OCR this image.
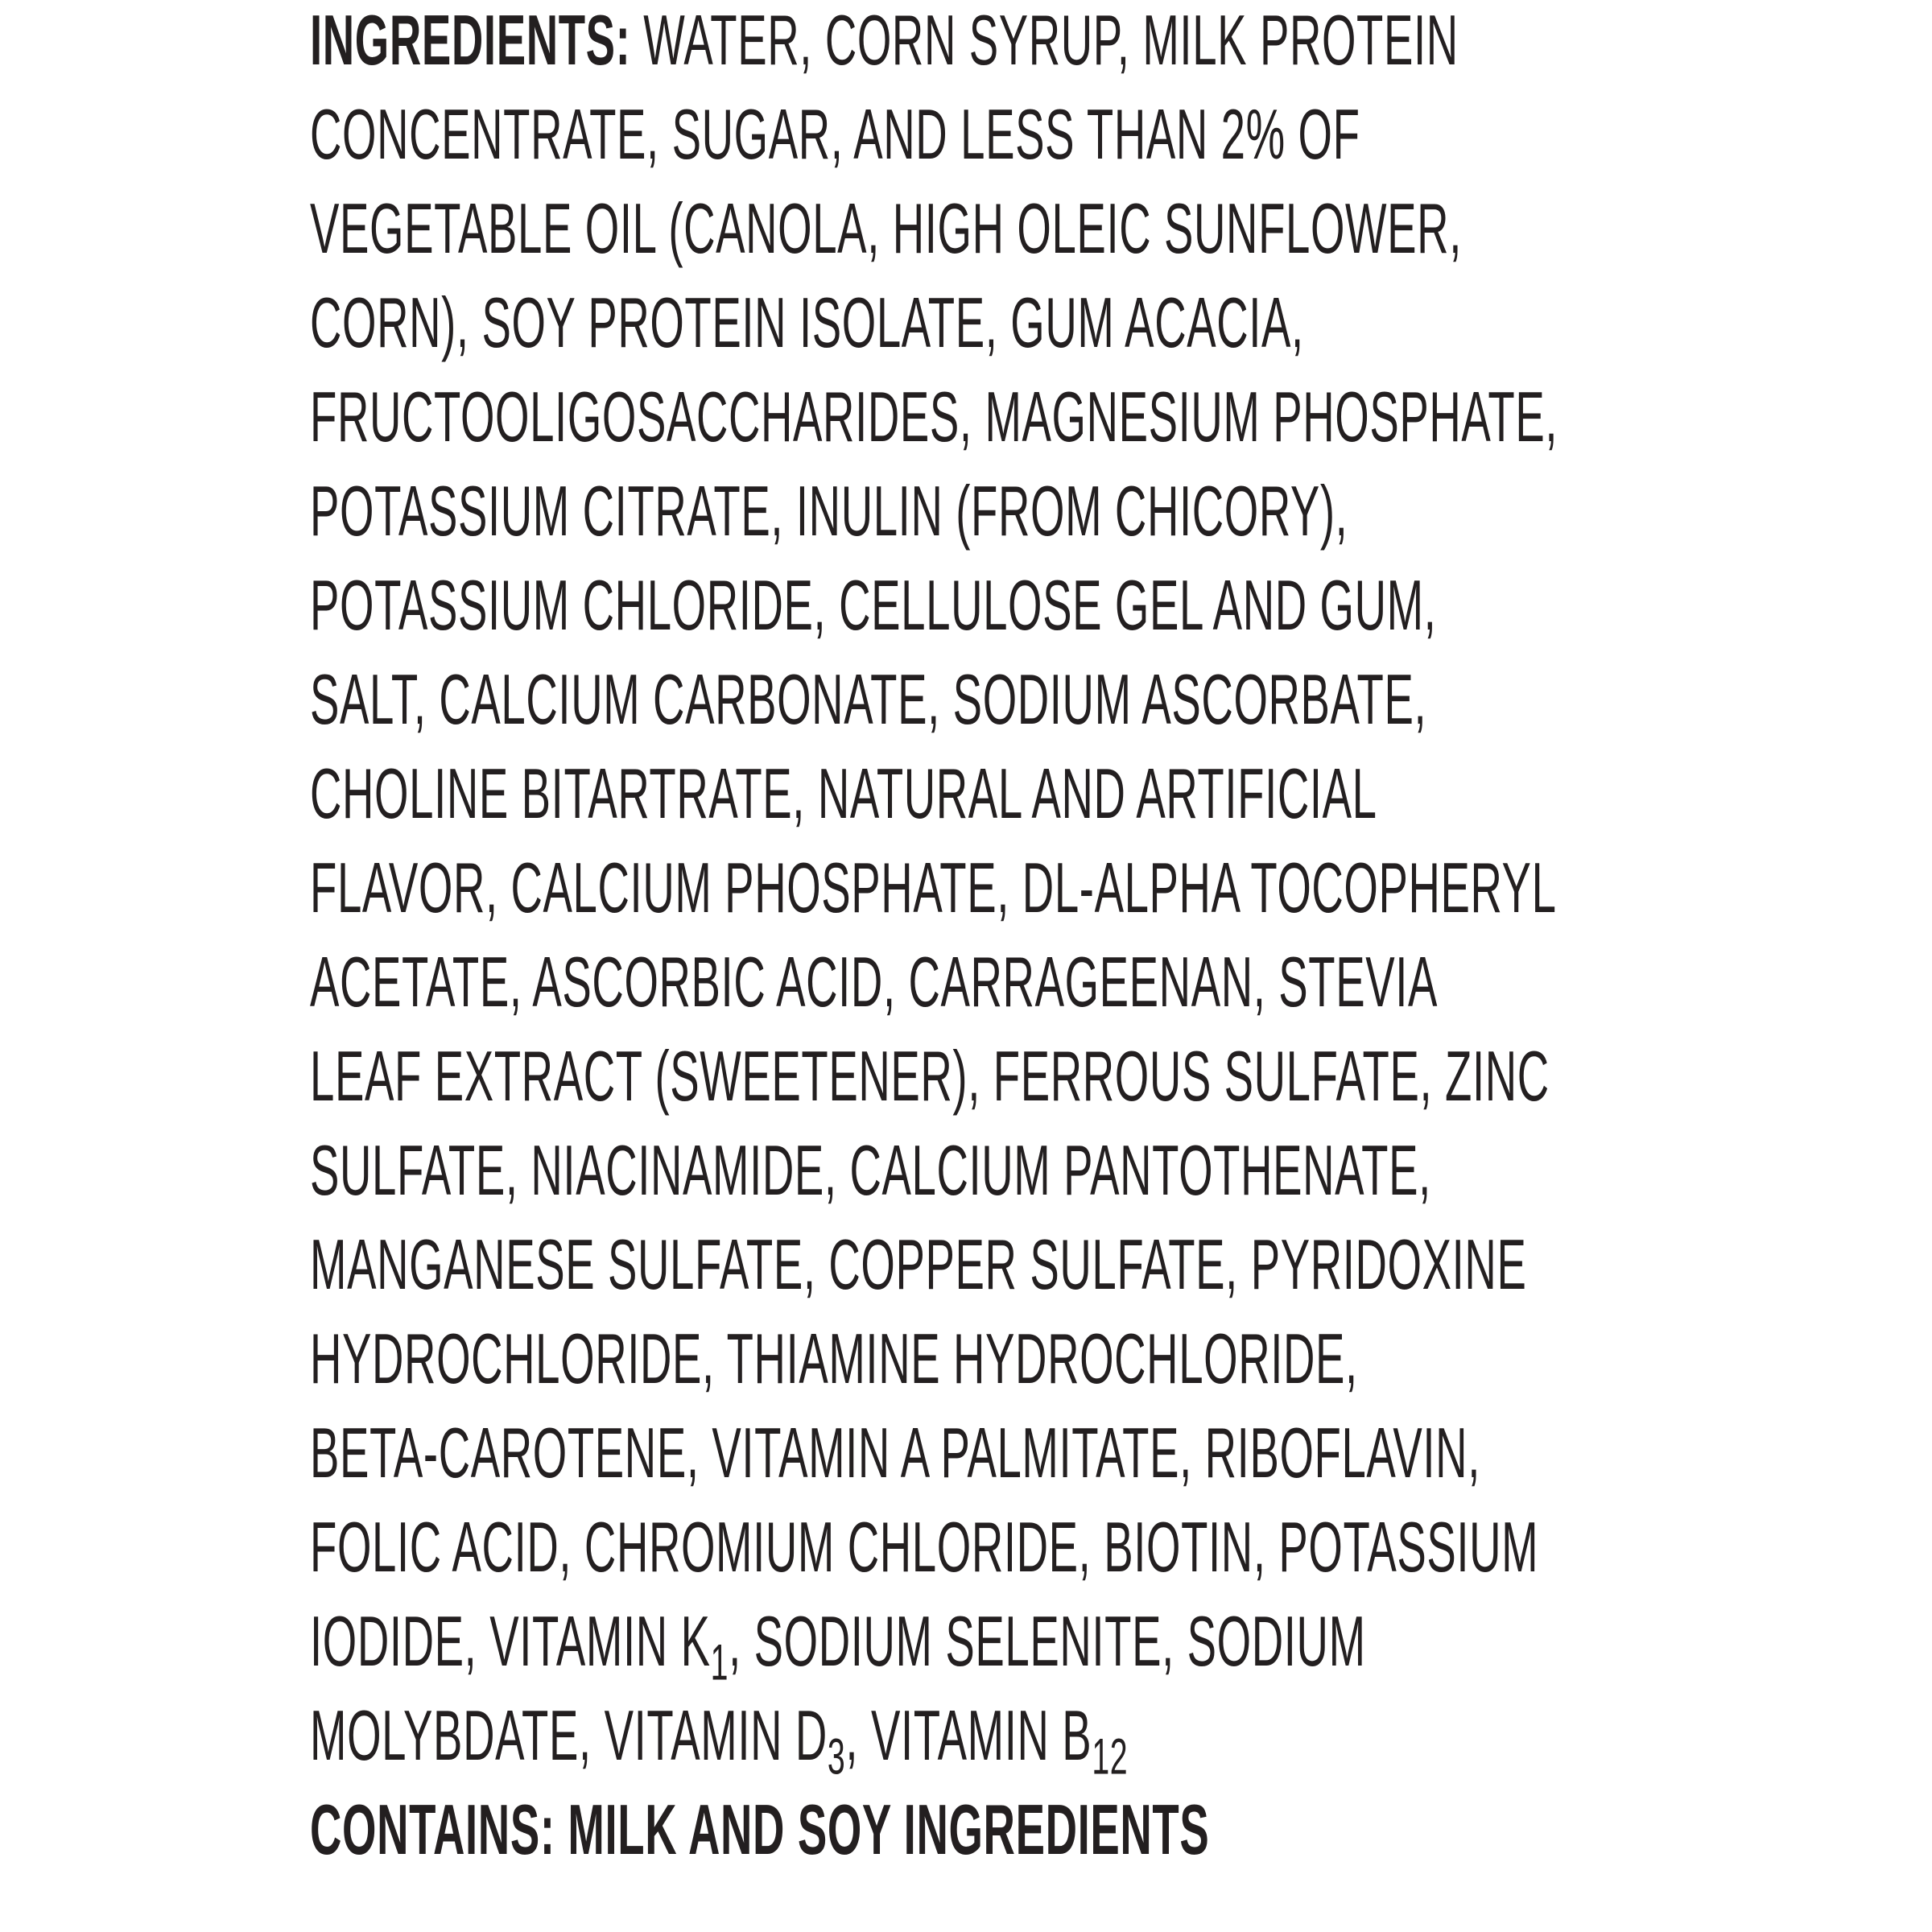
INGREDIENTS: WATER, CORN SYRUP, MILK PROTEIN
CONCENTRATE, SUGAR, AND LESS THAN 2% OF
VEGETABLE OIL (CANOLA, HIGH OLEIC SUNFLOWER,
CORN), SOY PROTEIN ISOLATE, GUM ACACIA,
FRUCTOOLIGOSACCHARIDES, MAGNESIUM PHOSPHATE,
POTASSIUM CITRATE, INULIN (FROM CHICORY),
POTASSIUM CHLORIDE, CELLULOSE GEL AND GUM,
SALT, CALCIUM CARBONATE, SODIUM ASCORBATE,
CHOLINE BITARTRATE, NATURAL AND ARTIFICIAL
FLAVOR, CALCIUM PHOSPHATE, DL-ALPHA TOCOPHERYL
ACETATE, ASCORBIC ACID, CARRAGEENAN, STEVIA
LEAF EXTRACT (SWEETENER), FERROUS SULFATE, ZINC
SULFATE, NIACINAMIDE, CALCIUM PANTOTHENATE,
MANGANESE SULFATE, COPPER SULFATE, PYRIDOXINE
HYDROCHLORIDE, THIAMINE HYDROCHLORIDE,
BETA-CAROTENE, VITAMIN A PALMITATE, RIBOFLAVIN,
FOLIC ACID, CHROMIUM CHLORIDE, BIOTIN, POTASSIUM
IODIDE, VITAMIN $K_1$, SODIUM SELENITE, SODIUM
MOLYBDATE, VITAMIN $D_3$, VITAMIN $B_{12}$
CONTAINS: MILK AND SOY INGREDIENTS
